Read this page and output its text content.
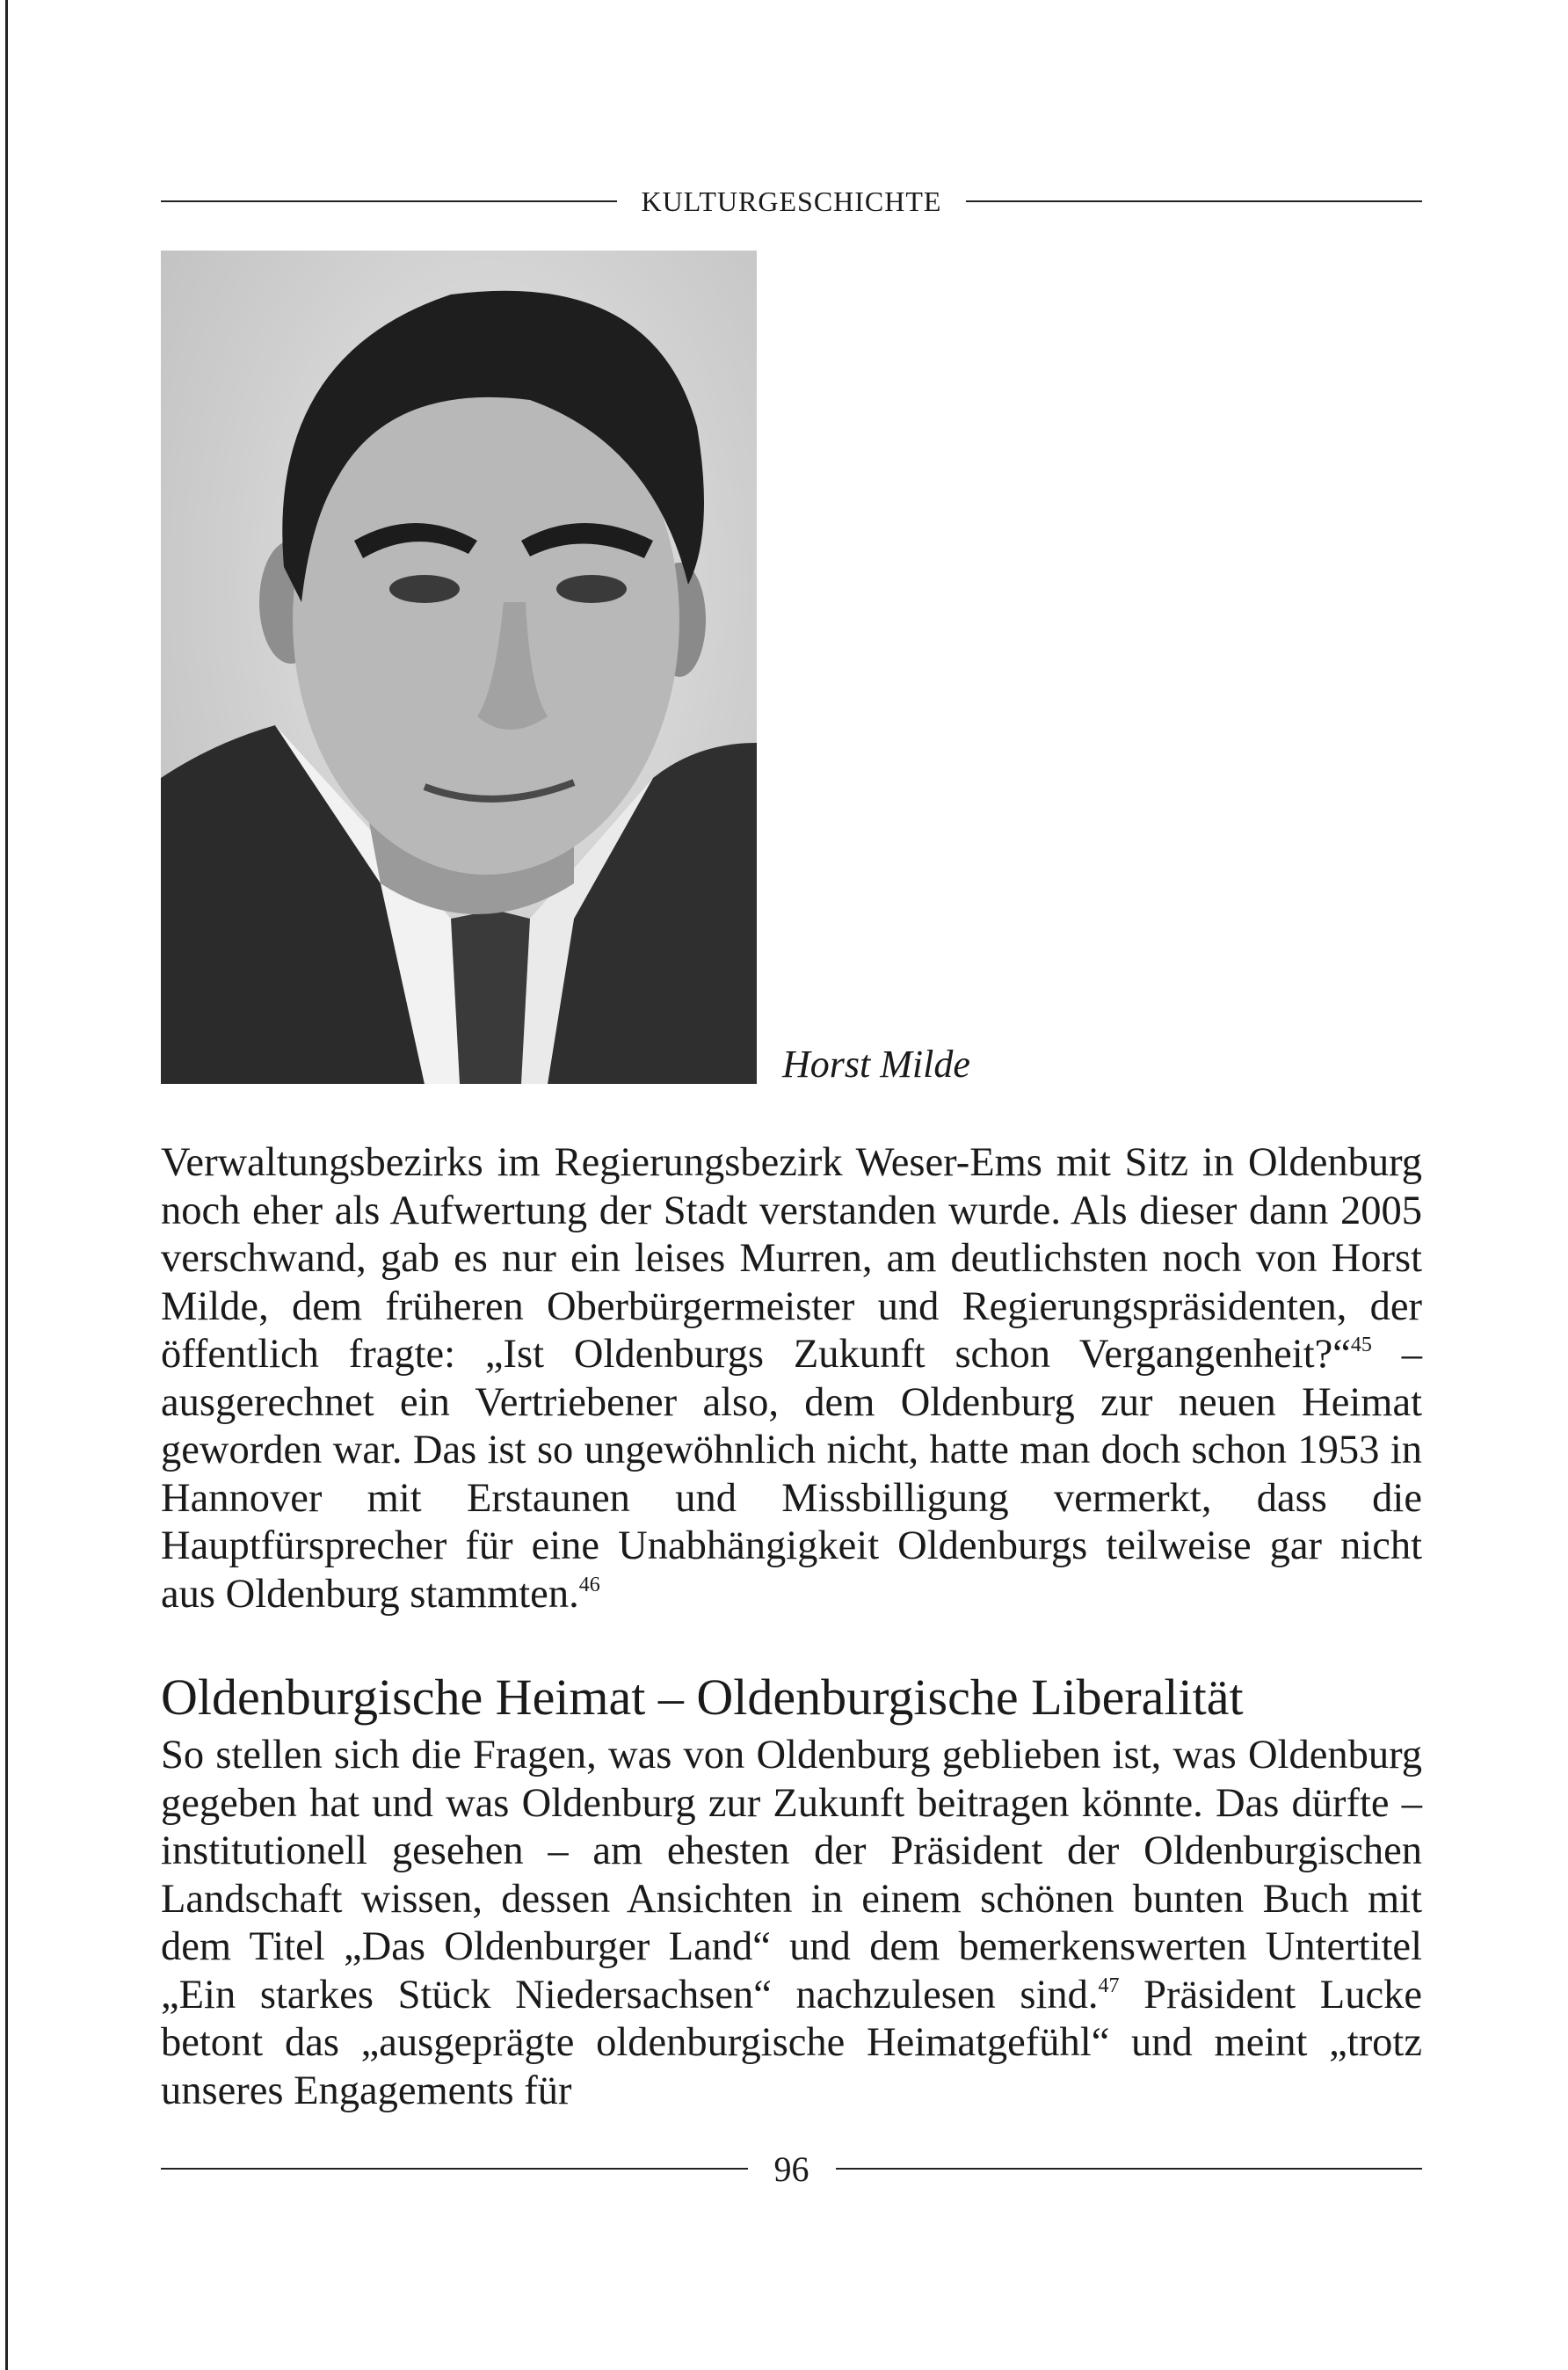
KULTURGESCHICHTE
Horst Milde

Verwaltungsbezirks im Regierungsbezirk Weser-Ems mit Sitz in Oldenburg noch eher als Aufwertung der Stadt verstanden wurde. Als dieser dann 2005 verschwand, gab es nur ein leises Murren, am deutlichsten noch von Horst Milde, dem früheren Oberbürgermeister und Regierungspräsidenten, der öffentlich fragte: „Ist Oldenburgs Zukunft schon Vergangenheit?“$^{45}$ – ausgerechnet ein Vertriebener also, dem Oldenburg zur neuen Heimat geworden war. Das ist so ungewöhnlich nicht, hatte man doch schon 1953 in Hannover mit Erstaunen und Missbilligung vermerkt, dass die Hauptfürsprecher für eine Unabhängigkeit Oldenburgs teilweise gar nicht aus Oldenburg stammten.$^{46}$

Oldenburgische Heimat – Oldenburgische Liberalität

So stellen sich die Fragen, was von Oldenburg geblieben ist, was Oldenburg gegeben hat und was Oldenburg zur Zukunft beitragen könnte. Das dürfte – institutionell gesehen – am ehesten der Präsident der Oldenburgischen Landschaft wissen, dessen Ansichten in einem schönen bunten Buch mit dem Titel „Das Oldenburger Land“ und dem bemerkenswerten Untertitel „Ein starkes Stück Niedersachsen“ nachzulesen sind.$^{47}$ Präsident Lucke betont das „ausgeprägte oldenburgische Heimatgefühl“ und meint „trotz unseres Engagements für

96
